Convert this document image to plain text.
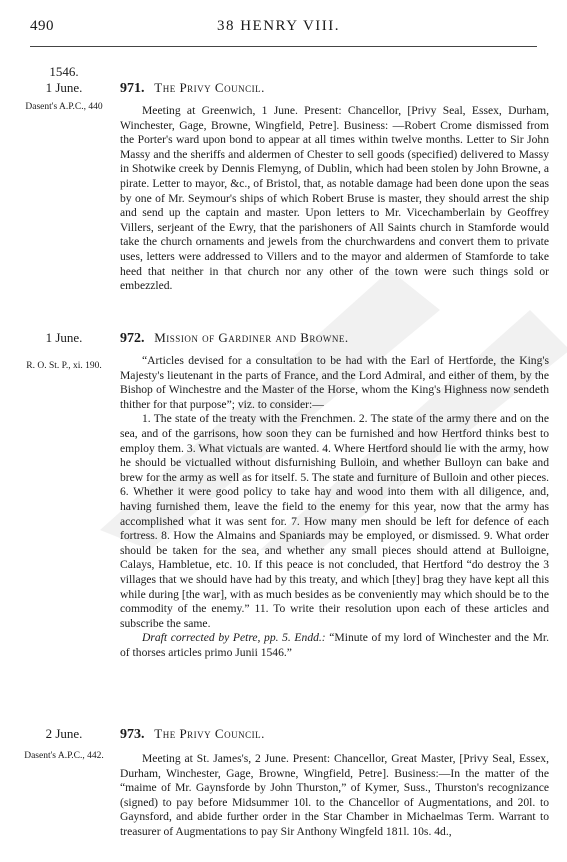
490	38 HENRY VIII.
1546.
1 June.
Dasent's A.P.C., 440
971. The Privy Council.

Meeting at Greenwich, 1 June. Present: Chancellor, [Privy Seal, Essex, Durham, Winchester, Gage, Browne, Wingfield, Petre]. Business: —Robert Crome dismissed from the Porter's ward upon bond to appear at all times within twelve months. Letter to Sir John Massy and the sheriffs and aldermen of Chester to sell goods (specified) delivered to Massy in Shotwike creek by Dennis Flemyng, of Dublin, which had been stolen by John Browne, a pirate. Letter to mayor, &c., of Bristol, that, as notable damage had been done upon the seas by one of Mr. Seymour's ships of which Robert Bruse is master, they should arrest the ship and send up the captain and master. Upon letters to Mr. Vicechamberlain by Geoffrey Villers, serjeant of the Ewry, that the parishoners of All Saints church in Stamforde would take the church ornaments and jewels from the churchwardens and convert them to private uses, letters were addressed to Villers and to the mayor and aldermen of Stamforde to take heed that neither in that church nor any other of the town were such things sold or embezzled.

1 June.
R. O. St. P., xi. 190.
972. Mission of Gardiner and Browne.

“Articles devised for a consultation to be had with the Earl of Hertforde, the King's Majesty's lieutenant in the parts of France, and the Lord Admiral, and either of them, by the Bishop of Winchestre and the Master of the Horse, whom the King's Highness now sendeth thither for that purpose”; viz. to consider:—

1. The state of the treaty with the Frenchmen. 2. The state of the army there and on the sea, and of the garrisons, how soon they can be furnished and how Hertford thinks best to employ them. 3. What victuals are wanted. 4. Where Hertford should lie with the army, how he should be victualled without disfurnishing Bulloin, and whether Bulloyn can bake and brew for the army as well as for itself. 5. The state and furniture of Bulloin and other pieces. 6. Whether it were good policy to take hay and wood into them with all diligence, and, having furnished them, leave the field to the enemy for this year, now that the army has accomplished what it was sent for. 7. How many men should be left for defence of each fortress. 8. How the Almains and Spaniards may be employed, or dismissed. 9. What order should be taken for the sea, and whether any small pieces should attend at Bulloigne, Calays, Hambletue, etc. 10. If this peace is not concluded, that Hertford “do destroy the 3 villages that we should have had by this treaty, and which [they] brag they have kept all this while during [the war], with as much besides as be conveniently may which should be to the commodity of the enemy.” 11. To write their resolution upon each of these articles and subscribe the same.

Draft corrected by Petre, pp. 5. Endd.: “Minute of my lord of Winchester and the Mr. of thorses articles primo Junii 1546.”

2 June.
Dasent's A.P.C., 442.
973. The Privy Council.

Meeting at St. James's, 2 June. Present: Chancellor, Great Master, [Privy Seal, Essex, Durham, Winchester, Gage, Browne, Wingfield, Petre]. Business:—In the matter of the “maime of Mr. Gaynsforde by John Thurston,” of Kymer, Suss., Thurston's recognizance (signed) to pay before Midsummer 10l. to the Chancellor of Augmentations, and 20l. to Gaynsford, and abide further order in the Star Chamber in Michaelmas Term. Warrant to treasurer of Augmentations to pay Sir Anthony Wingfeld 181l. 10s. 4d.,
